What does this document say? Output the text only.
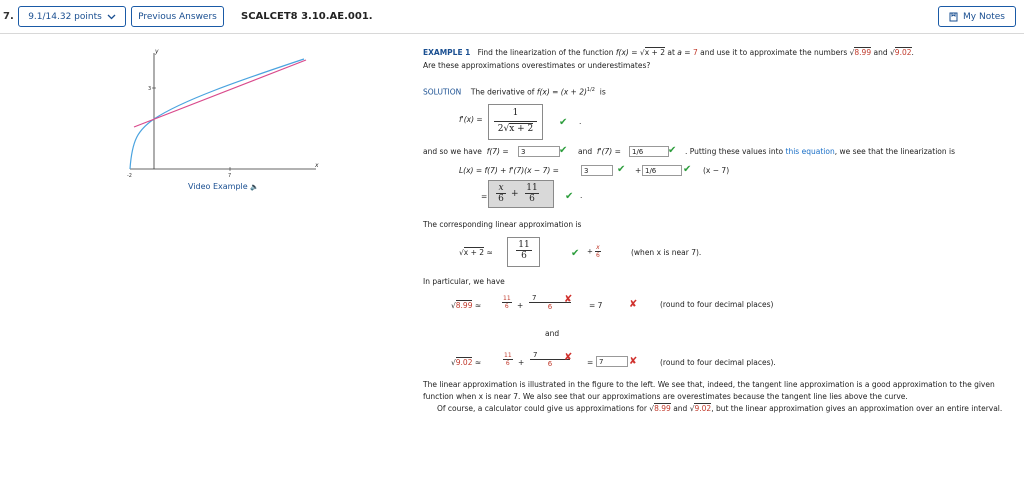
7. 9.1/14.32 points	Previous Answers	SCALCET8 3.10.AE.001.	My Notes
y
x
3
-2	7
Video Example 🔈
EXAMPLE 1 Find the linearization of the function f(x) = √x + 2 at a = 7 and use it to approximate the numbers √8.99 and √9.02.
Are these approximations overestimates or underestimates?
SOLUTION The derivative of $f(x) = (x + 2)^{1/2}$ is
f'(x) =
1
2√x + 2
✔ .
and so we have f(7) =	3	✔ and f'(7) =	1/6	✔ . Putting these values into this equation, we see that the linearization is
L(x) = f(7) + f'(7)(x − 7) =	3	✔ + 1/6	✔ (x − 7)
=
x
6 +
11
6	✔ .
The corresponding linear approximation is
√x + 2 ≈
11
6	✔ + $\frac{x}{6}$	(when x is near 7).
In particular, we have
√8.99 ≈	$\frac{11}{6}$ +
7
6
✘
= 7	✘	(round to four decimal places)
and
√9.02 ≈	$\frac{11}{6}$ +
7
6
✘ = 7	✘	(round to four decimal places).
The linear approximation is illustrated in the figure to the left. We see that, indeed, the tangent line approximation is a good approximation to the given function when x is near 7. We also see that our approximations are overestimates because the tangent line lies above the curve.
Of course, a calculator could give us approximations for √8.99 and √9.02, but the linear approximation gives an approximation over an entire interval.
